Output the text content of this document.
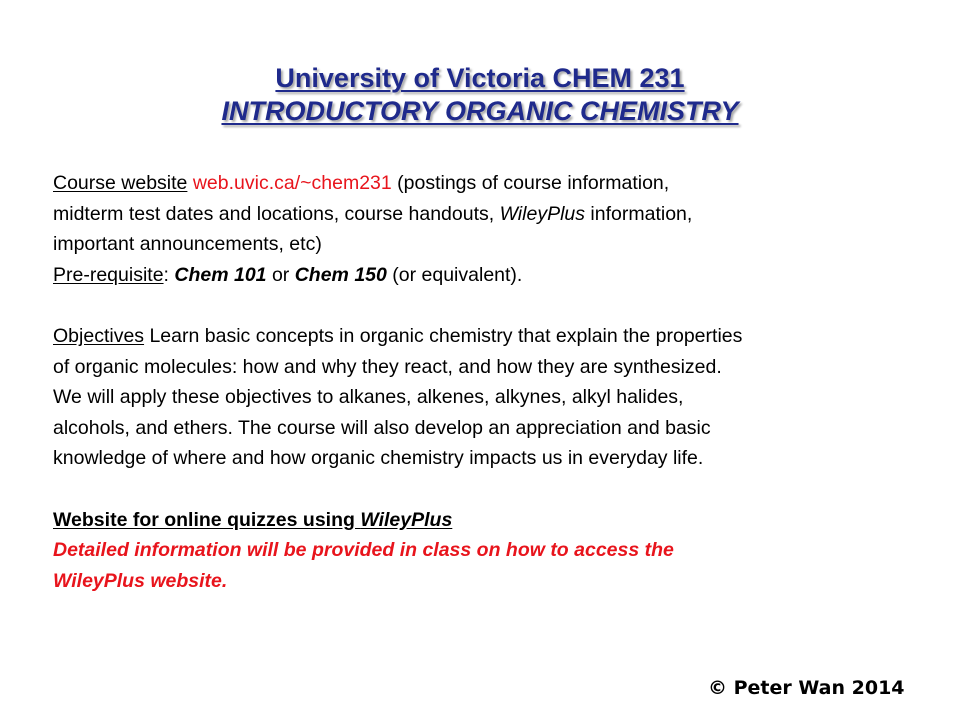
University of Victoria CHEM 231
INTRODUCTORY ORGANIC CHEMISTRY
Course website web.uvic.ca/~chem231 (postings of course information,
midterm test dates and locations, course handouts, WileyPlus information,
important announcements, etc)
Pre-requisite: Chem 101 or Chem 150 (or equivalent).
Objectives Learn basic concepts in organic chemistry that explain the properties
of organic molecules: how and why they react, and how they are synthesized.
We will apply these objectives to alkanes, alkenes, alkynes, alkyl halides,
alcohols, and ethers. The course will also develop an appreciation and basic
knowledge of where and how organic chemistry impacts us in everyday life.
Website for online quizzes using WileyPlus
Detailed information will be provided in class on how to access the
WileyPlus website.
© Peter Wan 2014
